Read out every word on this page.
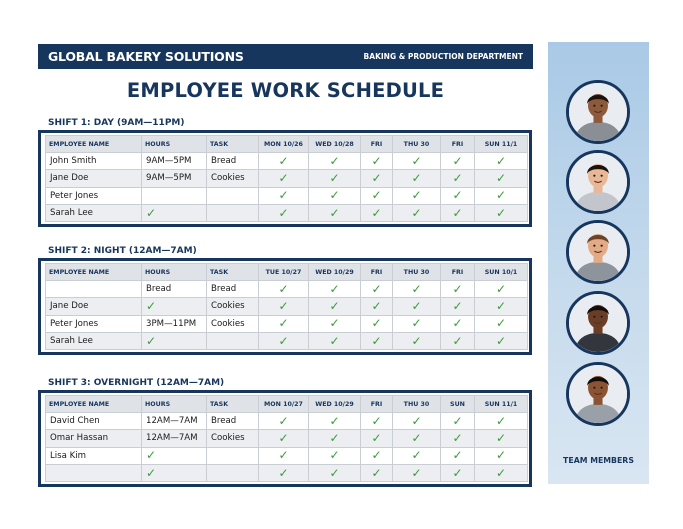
GLOBAL BAKERY SOLUTIONS	BAKING & PRODUCTION DEPARTMENT
EMPLOYEE WORK SCHEDULE
SHIFT 1: DAY (9AM—11PM)
EMPLOYEE NAME	HOURS	TASK	MON 10/26	WED 10/28	FRI	THU 30	FRI	SUN 11/1
John Smith	9AM—5PM	Bread	✓	✓	✓	✓	✓	✓
Jane Doe	9AM—5PM	Cookies	✓	✓	✓	✓	✓	✓
Peter Jones			✓	✓	✓	✓	✓	✓
Sarah Lee	✓		✓	✓	✓	✓	✓	✓
SHIFT 2: NIGHT (12AM—7AM)
EMPLOYEE NAME	HOURS	TASK	TUE 10/27	WED 10/29	FRI	THU 30	FRI	SUN 10/1
	Bread	Bread	✓	✓	✓	✓	✓	✓
Jane Doe	✓	Cookies	✓	✓	✓	✓	✓	✓
Peter Jones	3PM—11PM	Cookies	✓	✓	✓	✓	✓	✓
Sarah Lee	✓		✓	✓	✓	✓	✓	✓
SHIFT 3: OVERNIGHT (12AM—7AM)
EMPLOYEE NAME	HOURS	TASK	MON 10/27	WED 10/29	FRI	THU 30	SUN	SUN 11/1
David Chen	12AM—7AM	Bread	✓	✓	✓	✓	✓	✓
Omar Hassan	12AM—7AM	Cookies	✓	✓	✓	✓	✓	✓
Lisa Kim	✓		✓	✓	✓	✓	✓	✓
	✓		✓	✓	✓	✓	✓	✓
TEAM MEMBERS
